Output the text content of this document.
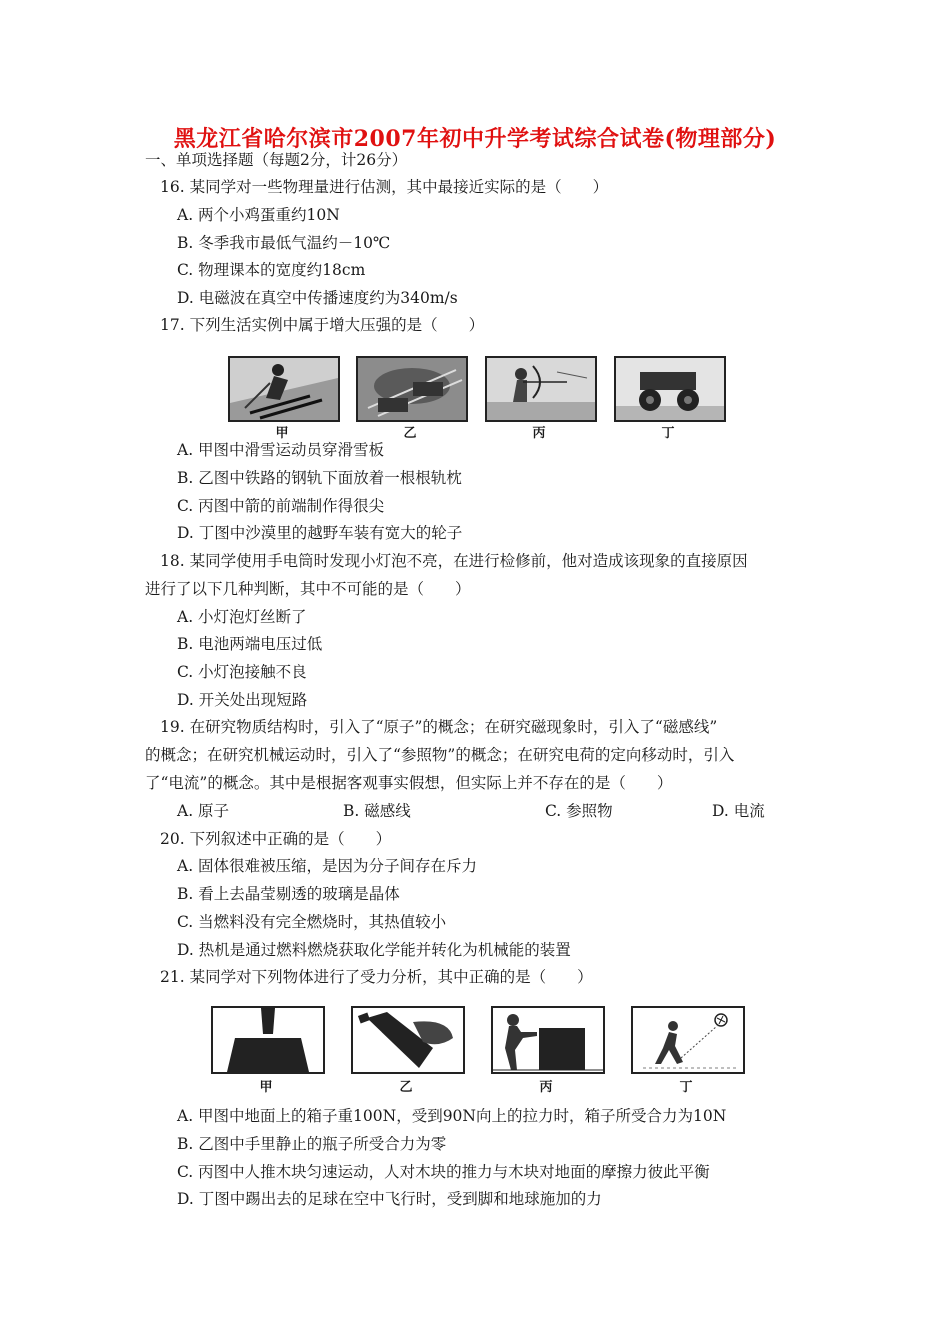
黑龙江省哈尔滨市2007年初中升学考试综合试卷(物理部分)
一、单项选择题（每题2分，计26分）
16. 某同学对一些物理量进行估测，其中最接近实际的是（　　）
A. 两个小鸡蛋重约10N
B. 冬季我市最低气温约－10℃
C. 物理课本的宽度约18cm
D. 电磁波在真空中传播速度约为340m/s
17. 下列生活实例中属于增大压强的是（　　）
甲	乙	丙	丁
A. 甲图中滑雪运动员穿滑雪板
B. 乙图中铁路的钢轨下面放着一根根轨枕
C. 丙图中箭的前端制作得很尖
D. 丁图中沙漠里的越野车装有宽大的轮子
18. 某同学使用手电筒时发现小灯泡不亮，在进行检修前，他对造成该现象的直接原因
进行了以下几种判断，其中不可能的是（　　）
A. 小灯泡灯丝断了
B. 电池两端电压过低
C. 小灯泡接触不良
D. 开关处出现短路
19. 在研究物质结构时，引入了“原子”的概念；在研究磁现象时，引入了“磁感线”
的概念；在研究机械运动时，引入了“参照物”的概念；在研究电荷的定向移动时，引入
了“电流”的概念。其中是根据客观事实假想，但实际上并不存在的是（　　）
A. 原子	B. 磁感线	C. 参照物	D. 电流
20. 下列叙述中正确的是（　　）
A. 固体很难被压缩，是因为分子间存在斥力
B. 看上去晶莹剔透的玻璃是晶体
C. 当燃料没有完全燃烧时，其热值较小
D. 热机是通过燃料燃烧获取化学能并转化为机械能的装置
21. 某同学对下列物体进行了受力分析，其中正确的是（　　）
甲	乙	丙	丁
A. 甲图中地面上的箱子重100N，受到90N向上的拉力时，箱子所受合力为10N
B. 乙图中手里静止的瓶子所受合力为零
C. 丙图中人推木块匀速运动，人对木块的推力与木块对地面的摩擦力彼此平衡
D. 丁图中踢出去的足球在空中飞行时，受到脚和地球施加的力
